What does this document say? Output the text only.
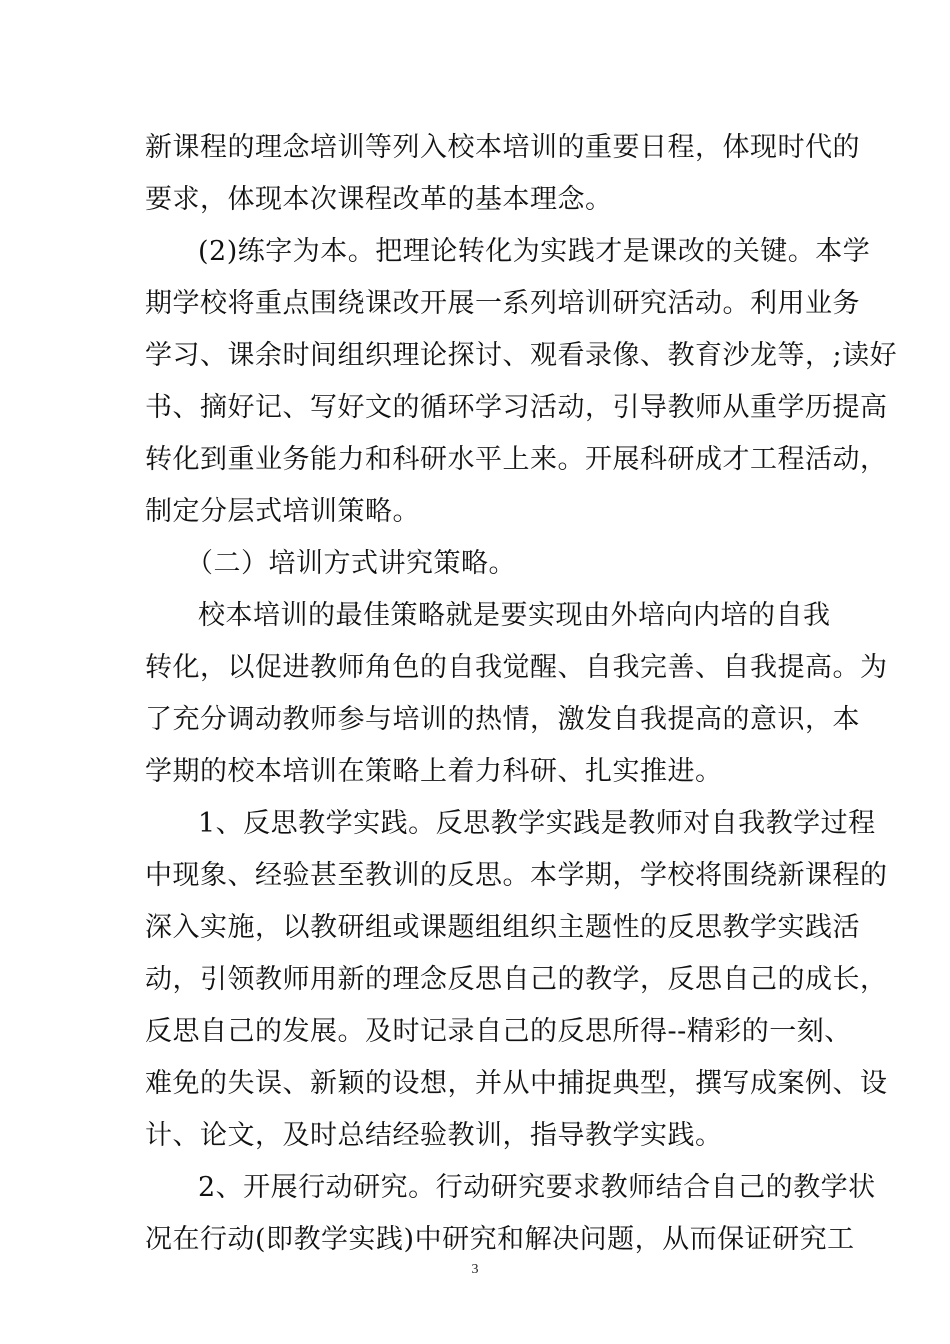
新课程的理念培训等列入校本培训的重要日程，体现时代的
要求，体现本次课程改革的基本理念。
(2)练字为本。把理论转化为实践才是课改的关键。本学
期学校将重点围绕课改开展一系列培训研究活动。利用业务
学习、课余时间组织理论探讨、观看录像、教育沙龙等，;读好
书、摘好记、写好文的循环学习活动，引导教师从重学历提高
转化到重业务能力和科研水平上来。开展科研成才工程活动，
制定分层式培训策略。
（二）培训方式讲究策略。
校本培训的最佳策略就是要实现由外培向内培的自我
转化，以促进教师角色的自我觉醒、自我完善、自我提高。为
了充分调动教师参与培训的热情，激发自我提高的意识，本
学期的校本培训在策略上着力科研、扎实推进。
1、反思教学实践。反思教学实践是教师对自我教学过程
中现象、经验甚至教训的反思。本学期，学校将围绕新课程的
深入实施，以教研组或课题组组织主题性的反思教学实践活
动，引领教师用新的理念反思自己的教学，反思自己的成长，
反思自己的发展。及时记录自己的反思所得--精彩的一刻、
难免的失误、新颖的设想，并从中捕捉典型，撰写成案例、设
计、论文，及时总结经验教训，指导教学实践。
2、开展行动研究。行动研究要求教师结合自己的教学状
3
况在行动(即教学实践)中研究和解决问题，从而保证研究工
